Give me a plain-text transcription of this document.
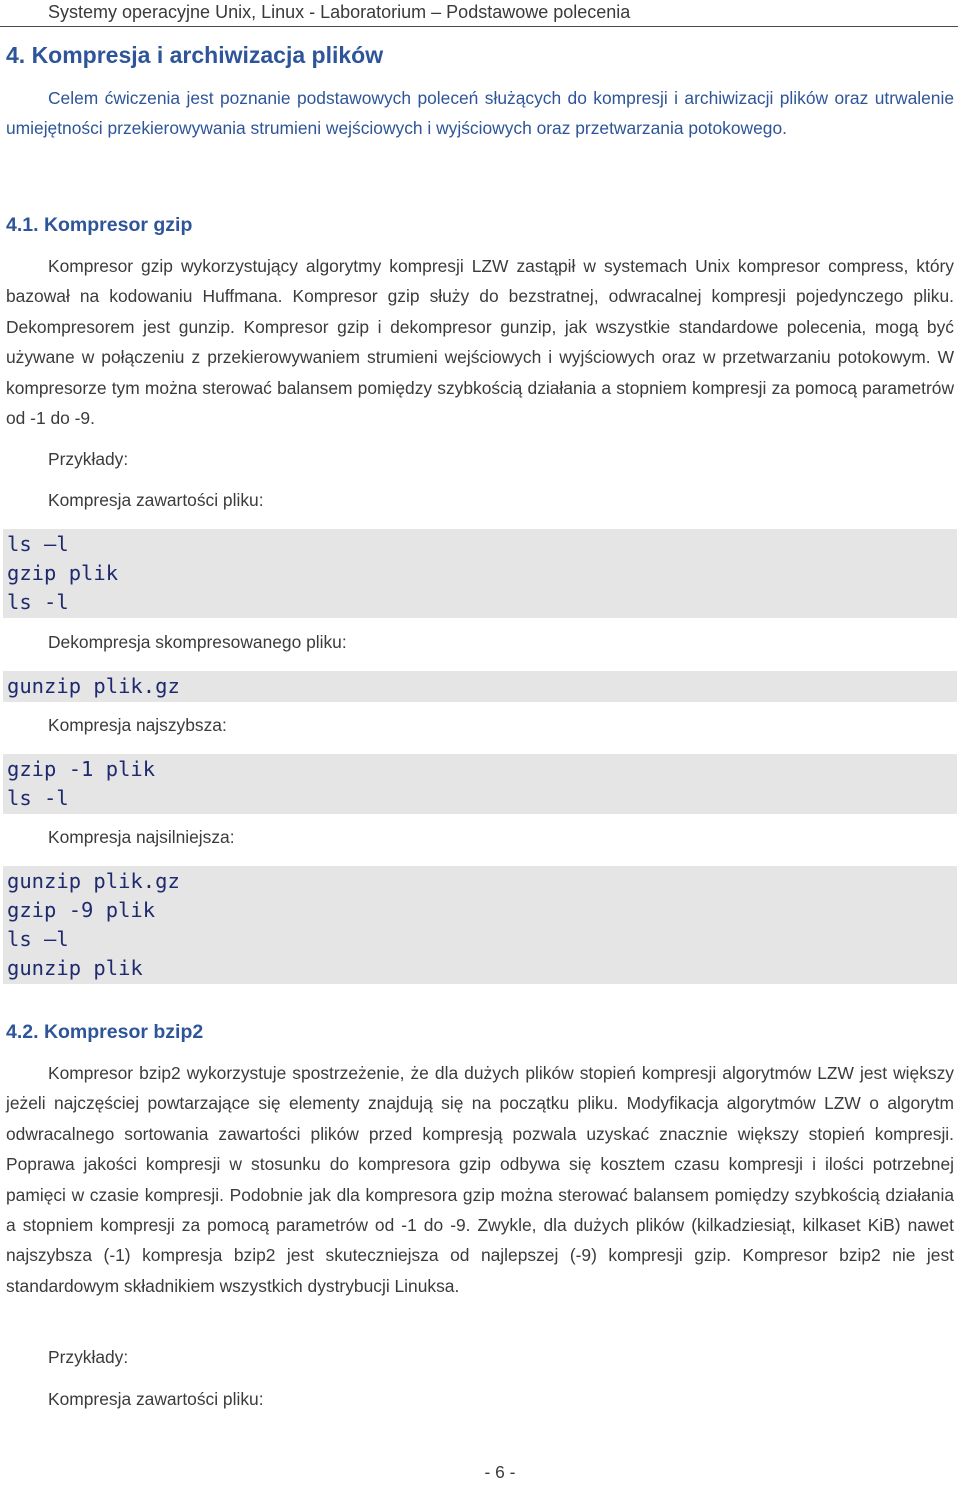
Systemy operacyjne Unix, Linux - Laboratorium – Podstawowe polecenia
4. Kompresja i archiwizacja plików

Celem ćwiczenia jest poznanie podstawowych poleceń służących do kompresji i archiwizacji plików oraz utrwalenie umiejętności przekierowywania strumieni wejściowych i wyjściowych oraz przetwarzania potokowego.

4.1. Kompresor gzip

Kompresor gzip wykorzystujący algorytmy kompresji LZW zastąpił w systemach Unix kompresor compress, który bazował na kodowaniu Huffmana. Kompresor gzip służy do bezstratnej, odwracalnej kompresji pojedynczego pliku. Dekompresorem jest gunzip. Kompresor gzip i dekompresor gunzip, jak wszystkie standardowe polecenia, mogą być używane w połączeniu z przekierowywaniem strumieni wejściowych i wyjściowych oraz w przetwarzaniu potokowym. W kompresorze tym można sterować balansem pomiędzy szybkością działania a stopniem kompresji za pomocą parametrów od -1 do -9.

Przykłady:
Kompresja zawartości pliku:
ls –l
gzip plik
ls -l
Dekompresja skompresowanego pliku:
gunzip plik.gz
Kompresja najszybsza:
gzip -1 plik
ls -l
Kompresja najsilniejsza:
gunzip plik.gz
gzip -9 plik
ls –l
gunzip plik
4.2. Kompresor bzip2

Kompresor bzip2 wykorzystuje spostrzeżenie, że dla dużych plików stopień kompresji algorytmów LZW jest większy jeżeli najczęściej powtarzające się elementy znajdują się na początku pliku. Modyfikacja algorytmów LZW o algorytm odwracalnego sortowania zawartości plików przed kompresją pozwala uzyskać znacznie większy stopień kompresji. Poprawa jakości kompresji w stosunku do kompresora gzip odbywa się kosztem czasu kompresji i ilości potrzebnej pamięci w czasie kompresji. Podobnie jak dla kompresora gzip można sterować balansem pomiędzy szybkością działania a stopniem kompresji za pomocą parametrów od -1 do -9. Zwykle, dla dużych plików (kilkadziesiąt, kilkaset KiB) nawet najszybsza (-1) kompresja bzip2 jest skuteczniejsza od najlepszej (-9) kompresji gzip. Kompresor bzip2 nie jest standardowym składnikiem wszystkich dystrybucji Linuksa.

Przykłady:
Kompresja zawartości pliku:
- 6 -
